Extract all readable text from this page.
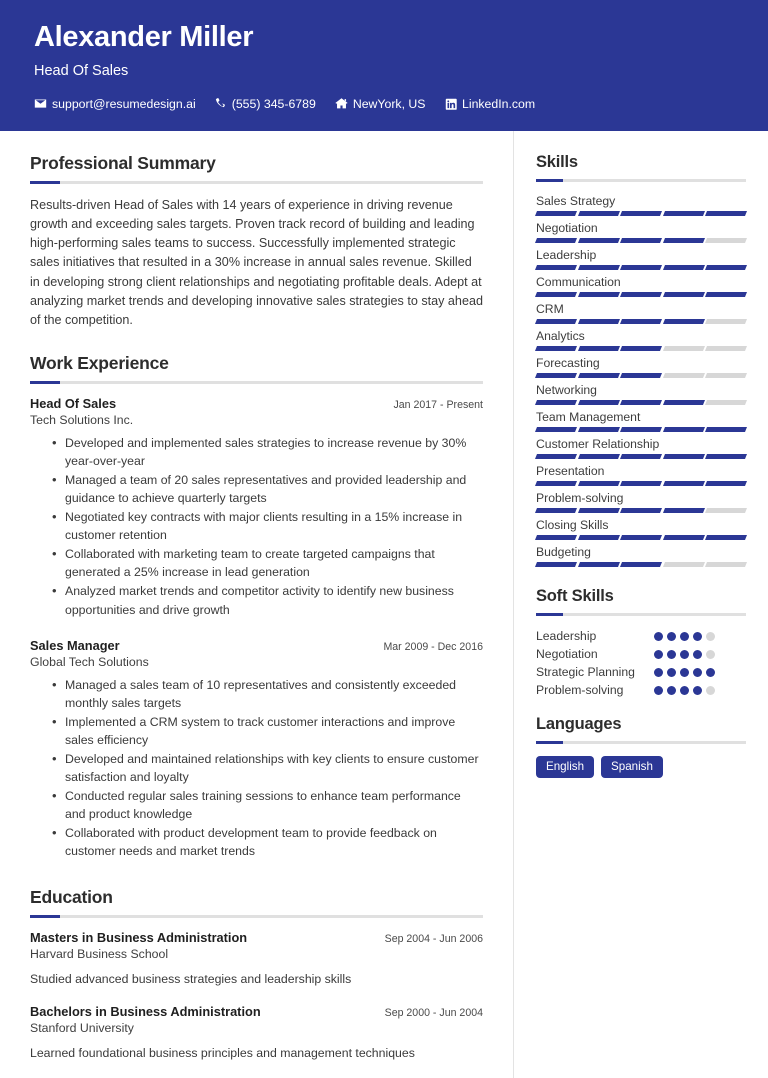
Alexander Miller
Head Of Sales
support@resumedesign.ai	(555) 345-6789	NewYork, US	LinkedIn.com
Professional Summary
Results-driven Head of Sales with 14 years of experience in driving revenue growth and exceeding sales targets. Proven track record of building and leading high-performing sales teams to success. Successfully implemented strategic sales initiatives that resulted in a 30% increase in annual sales revenue. Skilled in developing strong client relationships and negotiating profitable deals. Adept at analyzing market trends and developing innovative sales strategies to stay ahead of the competition.
Work Experience
Head Of Sales	Jan 2017 - Present
Tech Solutions Inc.
• Developed and implemented sales strategies to increase revenue by 30% year-over-year
• Managed a team of 20 sales representatives and provided leadership and guidance to achieve quarterly targets
• Negotiated key contracts with major clients resulting in a 15% increase in customer retention
• Collaborated with marketing team to create targeted campaigns that generated a 25% increase in lead generation
• Analyzed market trends and competitor activity to identify new business opportunities and drive growth
Sales Manager	Mar 2009 - Dec 2016
Global Tech Solutions
• Managed a sales team of 10 representatives and consistently exceeded monthly sales targets
• Implemented a CRM system to track customer interactions and improve sales efficiency
• Developed and maintained relationships with key clients to ensure customer satisfaction and loyalty
• Conducted regular sales training sessions to enhance team performance and product knowledge
• Collaborated with product development team to provide feedback on customer needs and market trends
Education
Masters in Business Administration	Sep 2004 - Jun 2006
Harvard Business School
Studied advanced business strategies and leadership skills
Bachelors in Business Administration	Sep 2000 - Jun 2004
Stanford University
Learned foundational business principles and management techniques
Skills
Sales Strategy
Negotiation
Leadership
Communication
CRM
Analytics
Forecasting
Networking
Team Management
Customer Relationship
Presentation
Problem-solving
Closing Skills
Budgeting
Soft Skills
Leadership
Negotiation
Strategic Planning
Problem-solving
Languages
English	Spanish
